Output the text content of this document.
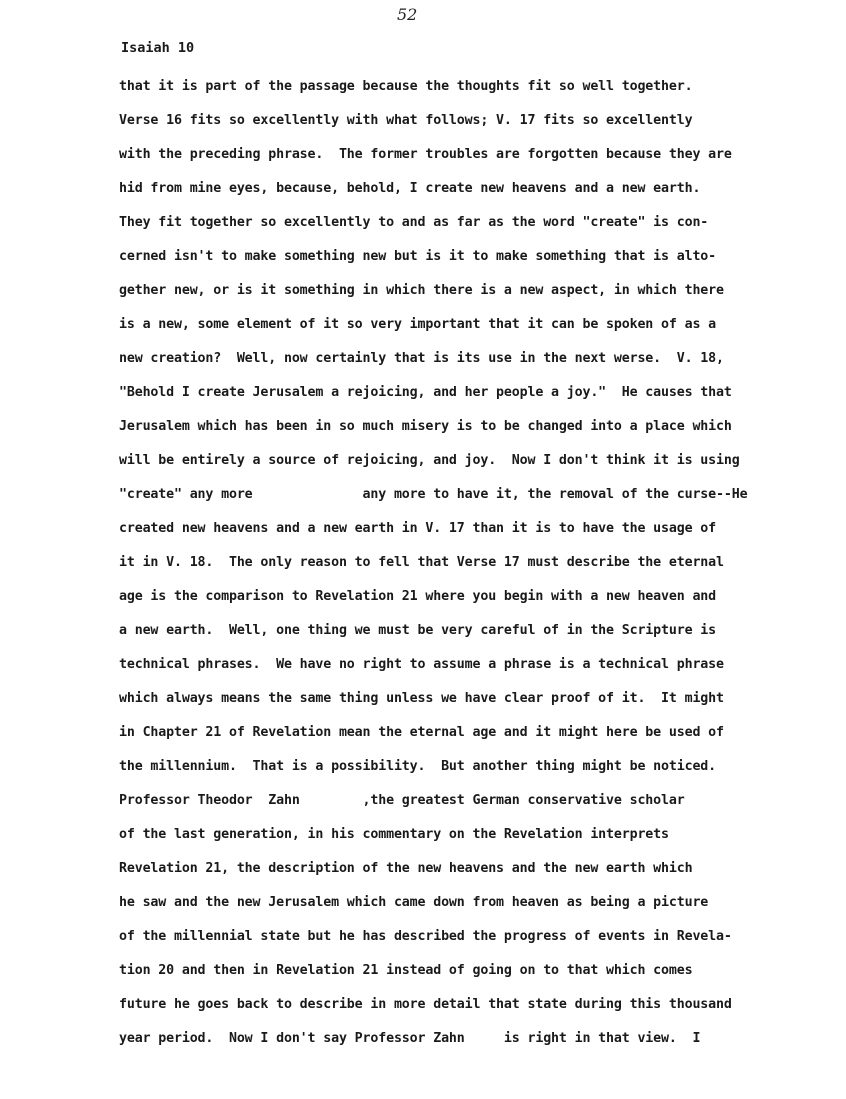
52
Isaiah 10
that it is part of the passage because the thoughts fit so well together.
Verse 16 fits so excellently with what follows; V. 17 fits so excellently
with the preceding phrase.  The former troubles are forgotten because they are
hid from mine eyes, because, behold, I create new heavens and a new earth.
They fit together so excellently to and as far as the word "create" is con-
cerned isn't to make something new but is it to make something that is alto-
gether new, or is it something in which there is a new aspect, in which there
is a new, some element of it so very important that it can be spoken of as a
new creation?  Well, now certainly that is its use in the next werse.  V. 18,
"Behold I create Jerusalem a rejoicing, and her people a joy."  He causes that
Jerusalem which has been in so much misery is to be changed into a place which
will be entirely a source of rejoicing, and joy.  Now I don't think it is using
"create" any more              any more to have it, the removal of the curse--He
created new heavens and a new earth in V. 17 than it is to have the usage of
it in V. 18.  The only reason to fell that Verse 17 must describe the eternal
age is the comparison to Revelation 21 where you begin with a new heaven and
a new earth.  Well, one thing we must be very careful of in the Scripture is
technical phrases.  We have no right to assume a phrase is a technical phrase
which always means the same thing unless we have clear proof of it.  It might
in Chapter 21 of Revelation mean the eternal age and it might here be used of
the millennium.  That is a possibility.  But another thing might be noticed.
Professor Theodor  Zahn        ,the greatest German conservative scholar
of the last generation, in his commentary on the Revelation interprets
Revelation 21, the description of the new heavens and the new earth which
he saw and the new Jerusalem which came down from heaven as being a picture
of the millennial state but he has described the progress of events in Revela-
tion 20 and then in Revelation 21 instead of going on to that which comes
future he goes back to describe in more detail that state during this thousand
year period.  Now I don't say Professor Zahn     is right in that view.  I
